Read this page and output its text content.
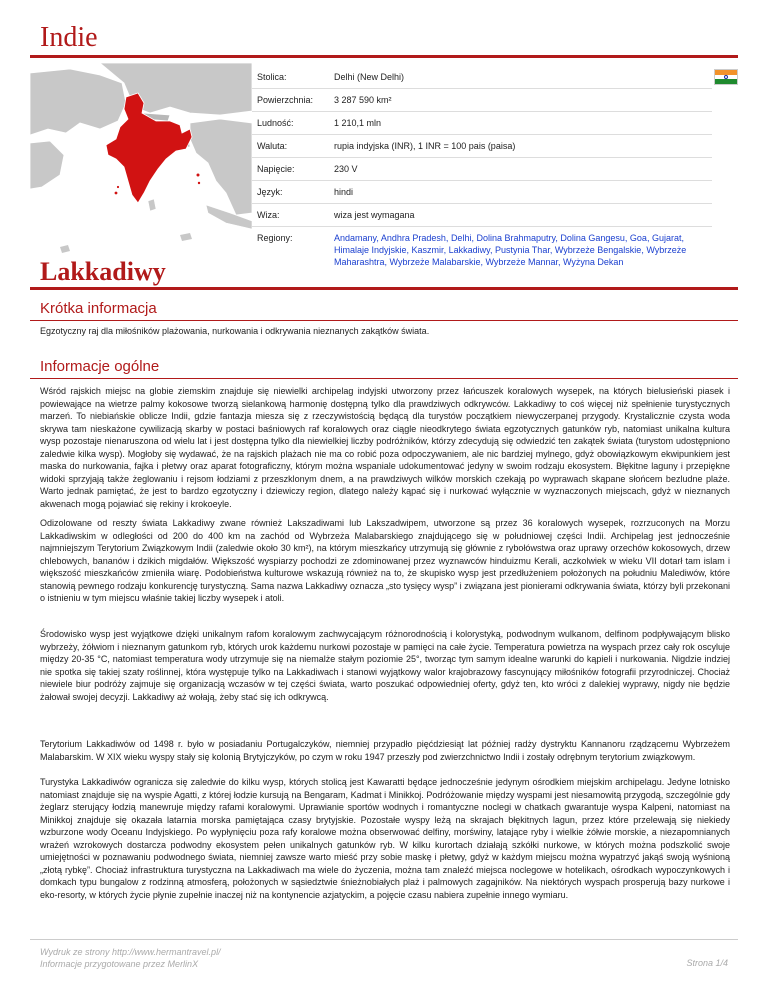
Indie
Stolica:	Delhi (New Delhi)
Powierzchnia:	3 287 590 km²
Ludność:	1 210,1 mln
Waluta:	rupia indyjska (INR), 1 INR = 100 pais (paisa)
Napięcie:	230 V
Język:	hindi
Wiza:	wiza jest wymagana
Regiony:	Andamany, Andhra Pradesh, Delhi, Dolina Brahmaputry, Dolina Gangesu, Goa, Gujarat, Himalaje Indyjskie, Kaszmir, Lakkadiwy, Pustynia Thar, Wybrzeże Bengalskie, Wybrzeże Maharashtra, Wybrzeże Malabarskie, Wybrzeże Mannar, Wyżyna Dekan
Lakkadiwy
Krótka informacja

Egzotyczny raj dla miłośników plażowania, nurkowania i odkrywania nieznanych zakątków świata.

Informacje ogólne

Wśród rajskich miejsc na globie ziemskim znajduje się niewielki archipelag indyjski utworzony przez łańcuszek koralowych wysepek, na których bielusieński piasek i powiewające na wietrze palmy kokosowe tworzą sielankową harmonię dostępną tylko dla prawdziwych odkrywców. Lakkadiwy to coś więcej niż spełnienie turystycznych marzeń. To niebiańskie oblicze Indii, gdzie fantazja miesza się z rzeczywistością będącą dla turystów początkiem niewyczerpanej przygody. Krystalicznie czysta woda skrywa tam nieskażone cywilizacją skarby w postaci baśniowych raf koralowych oraz ciągle nieodkrytego świata egzotycznych gatunków ryb, natomiast unikalna kultura wysp pozostaje nienaruszona od wielu lat i jest dostępna tylko dla niewielkiej liczby podróżników, którzy zdecydują się odwiedzić ten zakątek świata (turystom udostępniono zaledwie kilka wysp). Mogłoby się wydawać, że na rajskich plażach nie ma co robić poza odpoczywaniem, ale nic bardziej mylnego, gdyż obowiązkowym ekwipunkiem jest maska do nurkowania, fajka i płetwy oraz aparat fotograficzny, którym można wspaniale udokumentować jedyny w swoim rodzaju ekosystem. Błękitne laguny i przepiękne widoki sprzyjają także żeglowaniu i rejsom łodziami z przeszklonym dnem, a na prawdziwych wilków morskich czekają po wyprawach skąpane słońcem bezludne plaże. Warto jednak pamiętać, że jest to bardzo egzotyczny i dziewiczy region, dlatego należy kąpać się i nurkować wyłącznie w wyznaczonych miejscach, gdyż w nieznanych akwenach mogą pojawiać się rekiny i krokoeyle.

Odizolowane od reszty świata Lakkadiwy zwane również Lakszadiwami lub Lakszadwipem, utworzone są przez 36 koralowych wysepek, rozrzuconych na Morzu Lakkadiwskim w odległości od 200 do 400 km na zachód od Wybrzeża Malabarskiego znajdującego się w południowej części Indii. Archipelag jest jednocześnie najmniejszym Terytorium Związkowym Indii (zaledwie około 30 km²), na którym mieszkańcy utrzymują się głównie z rybołówstwa oraz uprawy orzechów kokosowych, drzew chlebowych, bananów i dzikich migdałów. Większość wyspiarzy pochodzi ze zdominowanej przez wyznawców hinduizmu Kerali, aczkolwiek w wieku VII dotarł tam islam i większość mieszkańców zmieniła wiarę. Podobieństwa kulturowe wskazują również na to, że skupisko wysp jest przedłużeniem położonych na południu Malediwów, które stanowią pewnego rodzaju konkurencję turystyczną. Sama nazwa Lakkadiwy oznacza „sto tysięcy wysp” i związana jest pionierami odkrywania świata, którzy byli przekonani o istnieniu w tym miejscu właśnie takiej liczby wysepek i atoli.

Środowisko wysp jest wyjątkowe dzięki unikalnym rafom koralowym zachwycającym różnorodnością i kolorystyką, podwodnym wulkanom, delfinom podpływającym blisko wybrzeży, żółwiom i nieznanym gatunkom ryb, których urok każdemu nurkowi pozostaje w pamięci na całe życie. Temperatura powietrza na wyspach przez cały rok oscyluje między 20-35 °C, natomiast temperatura wody utrzymuje się na niemalże stałym poziomie 25°, tworząc tym samym idealne warunki do kąpieli i nurkowania. Nigdzie indziej nie spotka się takiej szaty roślinnej, która występuje tylko na Lakkadiwach i stanowi wyjątkowy walor krajobrazowy fascynujący miłośników fotografii przyrodniczej. Chociaż niewiele biur podróży zajmuje się organizacją wczasów w tej części świata, warto poszukać odpowiedniej oferty, gdyż ten, kto wróci z dalekiej wyprawy, nigdy nie będzie żałował swojej decyzji. Lakkadiwy aż wołają, żeby stać się ich odkrywcą.

Terytorium Lakkadiwów od 1498 r. było w posiadaniu Portugalczyków, niemniej przypadło pięćdziesiąt lat później radży dystryktu Kannanoru rządzącemu Wybrzeżem Malabarskim. W XIX wieku wyspy stały się kolonią Brytyjczyków, po czym w roku 1947 przeszły pod zwierzchnictwo Indii i zostały odrębnym terytorium związkowym.

Turystyka Lakkadiwów ogranicza się zaledwie do kilku wysp, których stolicą jest Kawaratti będące jednocześnie jedynym ośrodkiem miejskim archipelagu. Jedyne lotnisko natomiast znajduje się na wyspie Agatti, z której łodzie kursują na Bengaram, Kadmat i Minikkoj. Podróżowanie między wyspami jest niesamowitą przygodą, szczególnie gdy żeglarz sterujący łodzią manewruje między rafami koralowymi. Uprawianie sportów wodnych i romantyczne noclegi w chatkach gwarantuje wyspa Kalpeni, natomiast na Minikkoj znajduje się okazała latarnia morska pamiętająca czasy brytyjskie. Pozostałe wyspy leżą na skrajach błękitnych lagun, przez które przelewają się niekiedy wzburzone wody Oceanu Indyjskiego. Po wypłynięciu poza rafy koralowe można obserwować delfiny, morświny, latające ryby i wielkie żółwie morskie, a niezapomnianych wrażeń wzrokowych dostarcza podwodny ekosystem pełen unikalnych gatunków ryb. W kilku kurortach działają szkółki nurkowe, w których można podszkolić swoje umiejętności w poznawaniu podwodnego świata, niemniej zawsze warto mieść przy sobie maskę i płetwy, gdyż w każdym miejscu można wypatrzyć jakąś swoją wyśnioną „złotą rybkę”. Chociaż infrastruktura turystyczna na Lakkadiwach ma wiele do życzenia, można tam znaleźć miejsca noclegowe w hotelikach, ośrodkach wypoczynkowych i domkach typu bungalow z rodzinną atmosferą, położonych w sąsiedztwie śnieżnobiałych plaż i palmowych zagajników. Na niektórych wyspach prosperują bazy nurkowe i eko-resorty, w których życie płynie zupełnie inaczej niż na kontynencie azjatyckim, a pojęcie czasu nabiera zupełnie innego wymiaru.

Wydruk ze strony http://www.hermantravel.pl/
Informacje przygotowane przez MerlinX	Strona 1/4
